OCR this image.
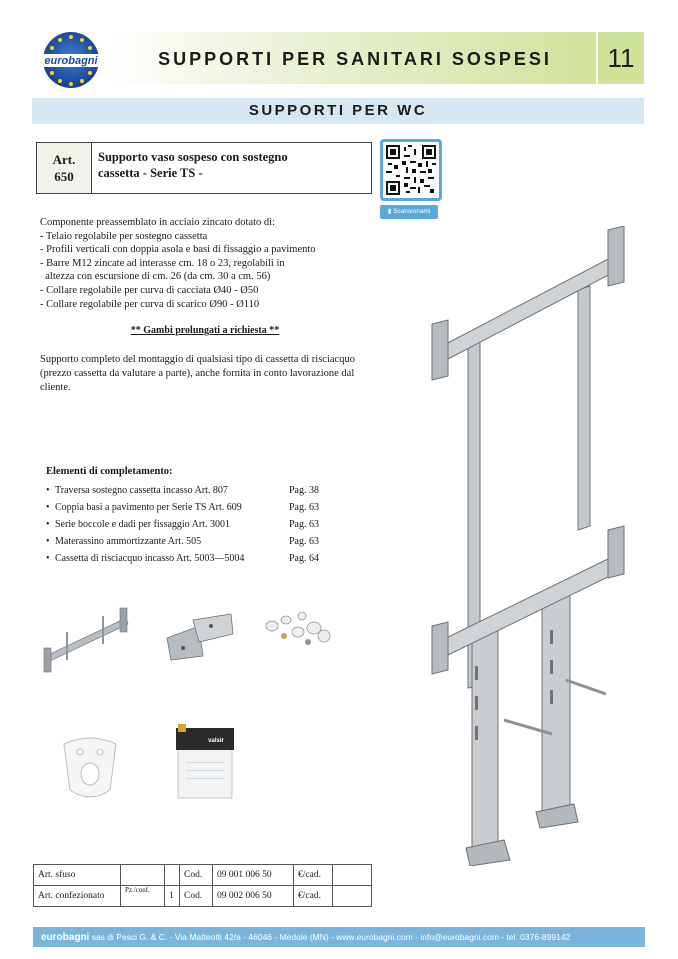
eurobagni	SUPPORTI PER SANITARI SOSPESI	11
SUPPORTI PER WC
Art.
650
Supporto vaso sospeso con sostegno
cassetta - Serie TS -
▮ Scansionami
Componente preassemblato in acciaio zincato dotato di:
- Telaio regolabile per sostegno cassetta
- Profili verticali con doppia asola e basi di fissaggio a pavimento
- Barre M12 zincate ad interasse cm. 18 o 23, regolabili in
altezza con escursione di cm. 26 (da cm. 30 a cm. 56)
- Collare regolabile per curva di cacciata Ø40 - Ø50
- Collare regolabile per curva di scarico Ø90 - Ø110
** Gambi prolungati a richiesta **
Supporto completo del montaggio di qualsiasi tipo di cassetta di risciacquo (prezzo cassetta da valutare a parte), anche fornita in conto lavorazione dal cliente.
Elementi di completamento:
• Traversa sostegno cassetta incasso Art. 807	Pag. 38
• Coppia basi a pavimento per Serie TS Art. 609	Pag. 63
• Serie boccole e dadi per fissaggio Art. 3001	Pag. 63
• Materassino ammortizzante Art. 505	Pag. 63
• Cassetta di risciacquo incasso Art. 5003—5004	Pag. 64
valsir
Art. sfuso			Cod.	09 001 006 50	€/cad.	
Art. confezionato	Pz./conf.	1	Cod.	09 002 006 50	€/cad.	
eurobagni sas di Pesci G. & C. - Via Matteotti 42/a - 46046 - Medole (MN) - www.eurobagni.com - info@eurobagni.com - tel. 0376-899142
